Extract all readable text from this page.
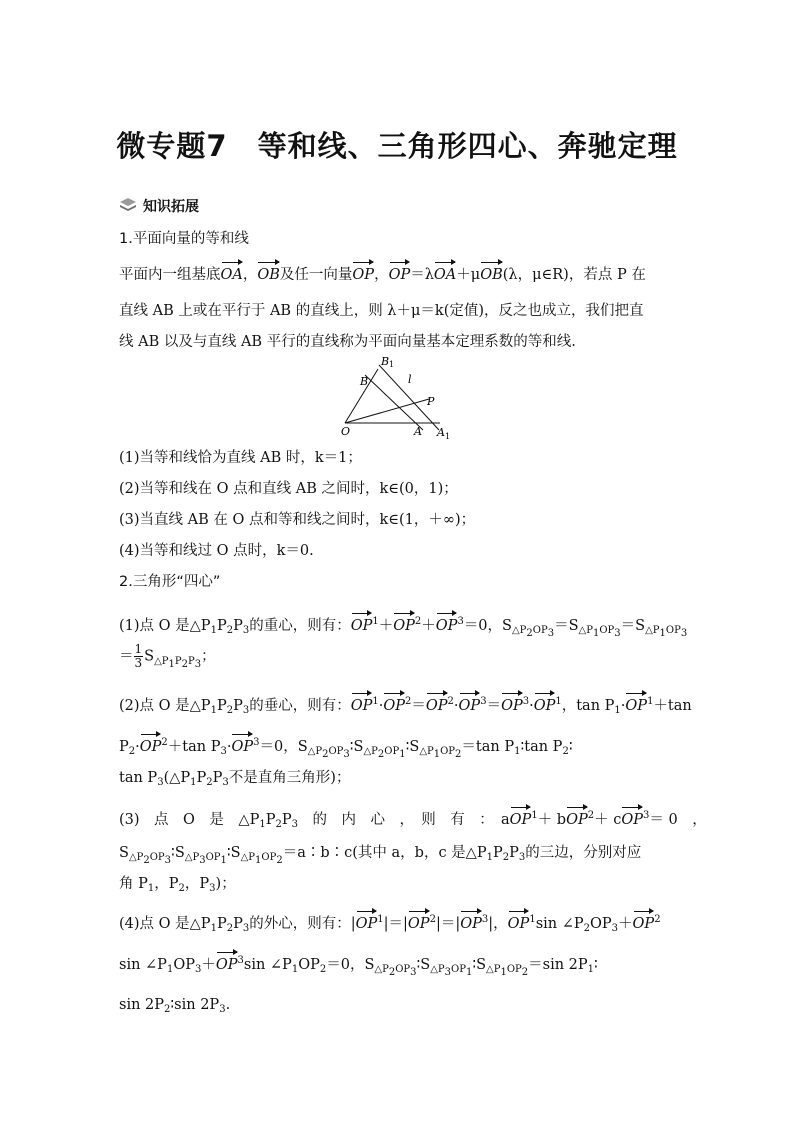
微专题7　等和线、三角形四心、奔驰定理
知识拓展
1.平面向量的等和线
平面内一组基底OA，OB及任一向量OP，OP＝λOA＋μOB(λ，μ∈R)，若点 P 在
直线 AB 上或在平行于 AB 的直线上，则 λ＋μ＝k(定值)，反之也成立，我们把直
线 AB 以及与直线 AB 平行的直线称为平面向量基本定理系数的等和线.
B 1
B	l
P
O	A A 1
(1)当等和线恰为直线 AB 时，k＝1；
(2)当等和线在 O 点和直线 AB 之间时，k∈(0，1)；
(3)当直线 AB 在 O 点和等和线之间时，k∈(1，＋∞)；
(4)当等和线过 O 点时，k＝0.
2.三角形“四心”
(1)点 O 是$\triangle P_1P_2P_3$的重心，则有：$OP^1+OP^2+OP^3=0$，$S_{\triangle P_2OP_3}=S_{\triangle P_1OP_3}=S_{\triangle P_1OP_3}$
＝ $\frac{1}{3} S_{\triangle P_1P_2P_3}$；
(2)点 O 是$\triangle P_1P_2P_3$的垂心，则有：$OP^1\cdot OP^2=OP^2\cdot OP^3=OP^3\cdot OP^1$，$\tan P_1\cdot OP^1+\tan$
$P_2\cdot OP^2+\tan$ $P_3\cdot OP^3=0$，$S_{\triangle P_2OP_3}∶S_{\triangle P_2OP_1}∶S_{\triangle P_1OP_2}=\tan$ $P_1∶\tan$ $P_2∶$
$\tan P_3(\triangle P_1P_2P_3$不是直角三角形)；
(3)　点　O　是　$\triangle P_1P_2P_3$　的　内　心　，　则　有　：　aOP$^1$＋ bOP$^2$＋ cOP$^3$＝ 0　，
$S_{\triangle P_2OP_3}∶S_{\triangle P_3OP_1}∶S_{\triangle P_1OP_2}=a∶b∶c$(其中 a，b，c 是$\triangle P_1P_2P_3$的三边，分别对应
角 $P_1$，$P_2$，$P_3$)；
(4)点 O 是$\triangle P_1P_2P_3$的外心，则有：$|OP^1|=|OP^2|=|OP^3|$，$OP^1\sin$ $\angle P_2OP_3+OP^2$
$\sin \angle P_1OP_3+OP^3\sin$ $\angle P_1OP_2=0$，$S_{\triangle P_2OP_3}∶S_{\triangle P_3OP_1}∶S_{\triangle P_1OP_2}=\sin$ $2P_1∶$
$\sin 2P_2∶\sin$ $2P_3$.
